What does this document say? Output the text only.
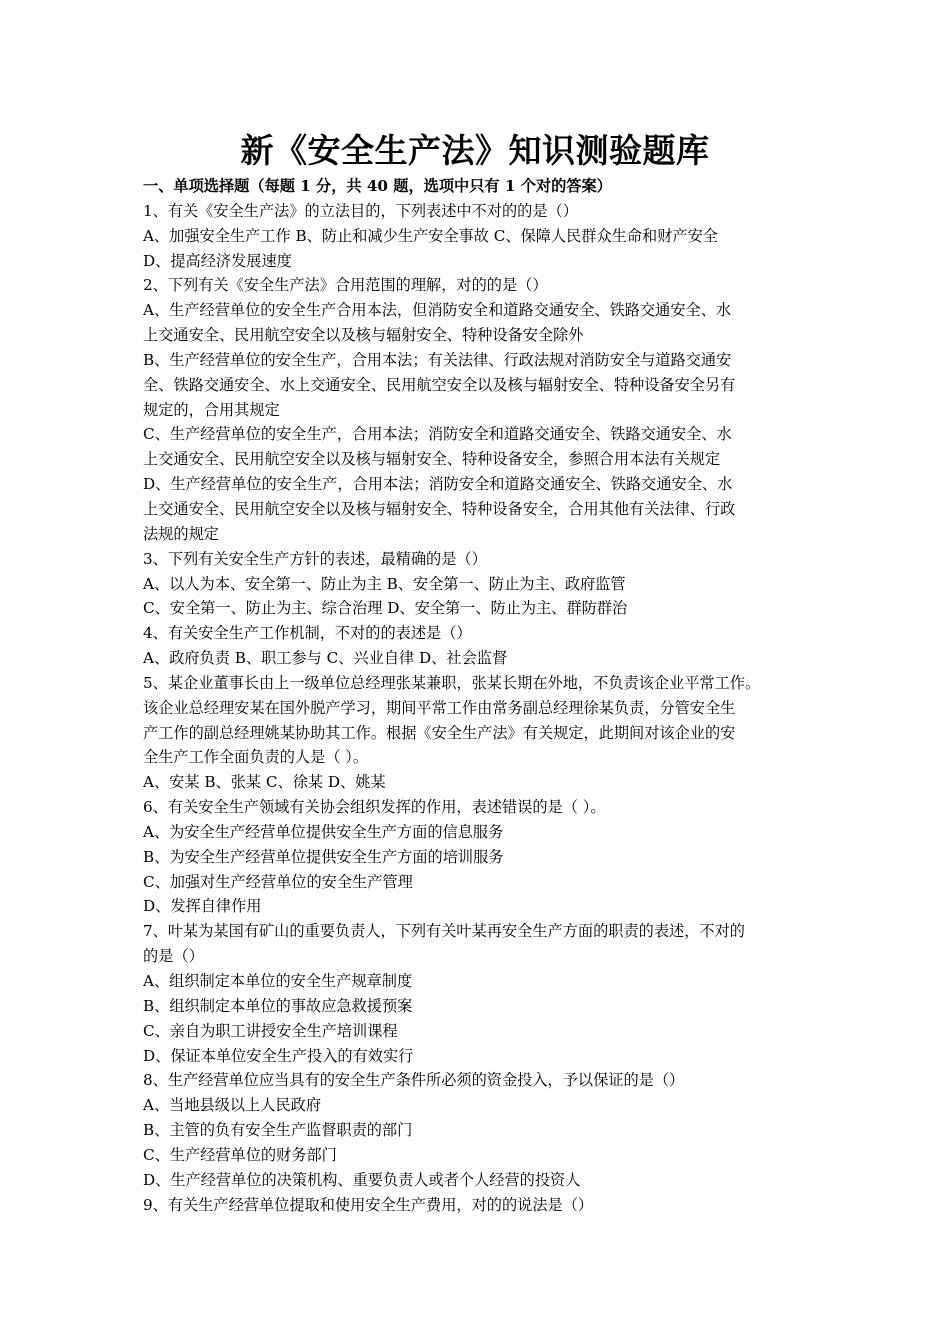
新《安全生产法》知识测验题库
一、单项选择题（每题 1 分，共 40 题，选项中只有 1 个对的答案）
1、有关《安全生产法》的立法目的，下列表述中不对的的是（）
A、加强安全生产工作 B、防止和减少生产安全事故 C、保障人民群众生命和财产安全
D、提高经济发展速度
2、下列有关《安全生产法》合用范围的理解，对的的是（）
A、生产经营单位的安全生产合用本法，但消防安全和道路交通安全、铁路交通安全、水
上交通安全、民用航空安全以及核与辐射安全、特种设备安全除外
B、生产经营单位的安全生产，合用本法；有关法律、行政法规对消防安全与道路交通安
全、铁路交通安全、水上交通安全、民用航空安全以及核与辐射安全、特种设备安全另有
规定的，合用其规定
C、生产经营单位的安全生产，合用本法；消防安全和道路交通安全、铁路交通安全、水
上交通安全、民用航空安全以及核与辐射安全、特种设备安全，参照合用本法有关规定
D、生产经营单位的安全生产，合用本法；消防安全和道路交通安全、铁路交通安全、水
上交通安全、民用航空安全以及核与辐射安全、特种设备安全，合用其他有关法律、行政
法规的规定
3、下列有关安全生产方针的表述，最精确的是（）
A、以人为本、安全第一、防止为主 B、安全第一、防止为主、政府监管
C、安全第一、防止为主、综合治理 D、安全第一、防止为主、群防群治
4、有关安全生产工作机制，不对的的表述是（）
A、政府负责 B、职工参与 C、兴业自律 D、社会监督
5、某企业董事长由上一级单位总经理张某兼职，张某长期在外地，不负责该企业平常工作。
该企业总经理安某在国外脱产学习，期间平常工作由常务副总经理徐某负责，分管安全生
产工作的副总经理姚某协助其工作。根据《安全生产法》有关规定，此期间对该企业的安
全生产工作全面负责的人是（ ）。
A、安某 B、张某 C、徐某 D、姚某
6、有关安全生产领域有关协会组织发挥的作用，表述错误的是（ ）。
A、为安全生产经营单位提供安全生产方面的信息服务
B、为安全生产经营单位提供安全生产方面的培训服务
C、加强对生产经营单位的安全生产管理
D、发挥自律作用
7、叶某为某国有矿山的重要负责人，下列有关叶某再安全生产方面的职责的表述，不对的
的是（）
A、组织制定本单位的安全生产规章制度
B、组织制定本单位的事故应急救援预案
C、亲自为职工讲授安全生产培训课程
D、保证本单位安全生产投入的有效实行
8、生产经营单位应当具有的安全生产条件所必须的资金投入，予以保证的是（）
A、当地县级以上人民政府
B、主管的负有安全生产监督职责的部门
C、生产经营单位的财务部门
D、生产经营单位的决策机构、重要负责人或者个人经营的投资人
9、有关生产经营单位提取和使用安全生产费用，对的的说法是（）
